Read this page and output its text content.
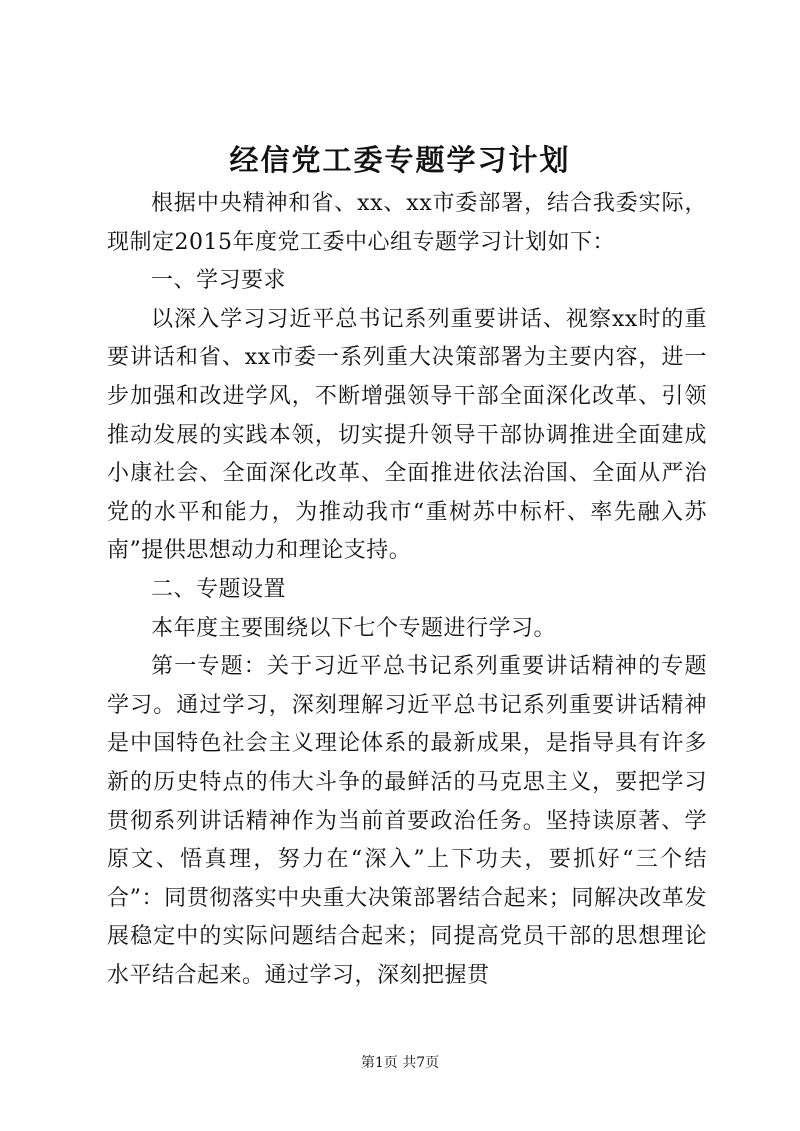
经信党工委专题学习计划

根据中央精神和省、xx、xx市委部署，结合我委实际，现制定2015年度党工委中心组专题学习计划如下：

一、学习要求

以深入学习习近平总书记系列重要讲话、视察xx时的重要讲话和省、xx市委一系列重大决策部署为主要内容，进一步加强和改进学风，不断增强领导干部全面深化改革、引领推动发展的实践本领，切实提升领导干部协调推进全面建成小康社会、全面深化改革、全面推进依法治国、全面从严治党的水平和能力，为推动我市“重树苏中标杆、率先融入苏南”提供思想动力和理论支持。

二、专题设置

本年度主要围绕以下七个专题进行学习。

第一专题：关于习近平总书记系列重要讲话精神的专题学习。通过学习，深刻理解习近平总书记系列重要讲话精神是中国特色社会主义理论体系的最新成果，是指导具有许多新的历史特点的伟大斗争的最鲜活的马克思主义，要把学习贯彻系列讲话精神作为当前首要政治任务。坚持读原著、学原文、悟真理，努力在“深入”上下功夫，要抓好“三个结合”：同贯彻落实中央重大决策部署结合起来；同解决改革发展稳定中的实际问题结合起来；同提高党员干部的思想理论水平结合起来。通过学习，深刻把握贯

第1页 共7页
